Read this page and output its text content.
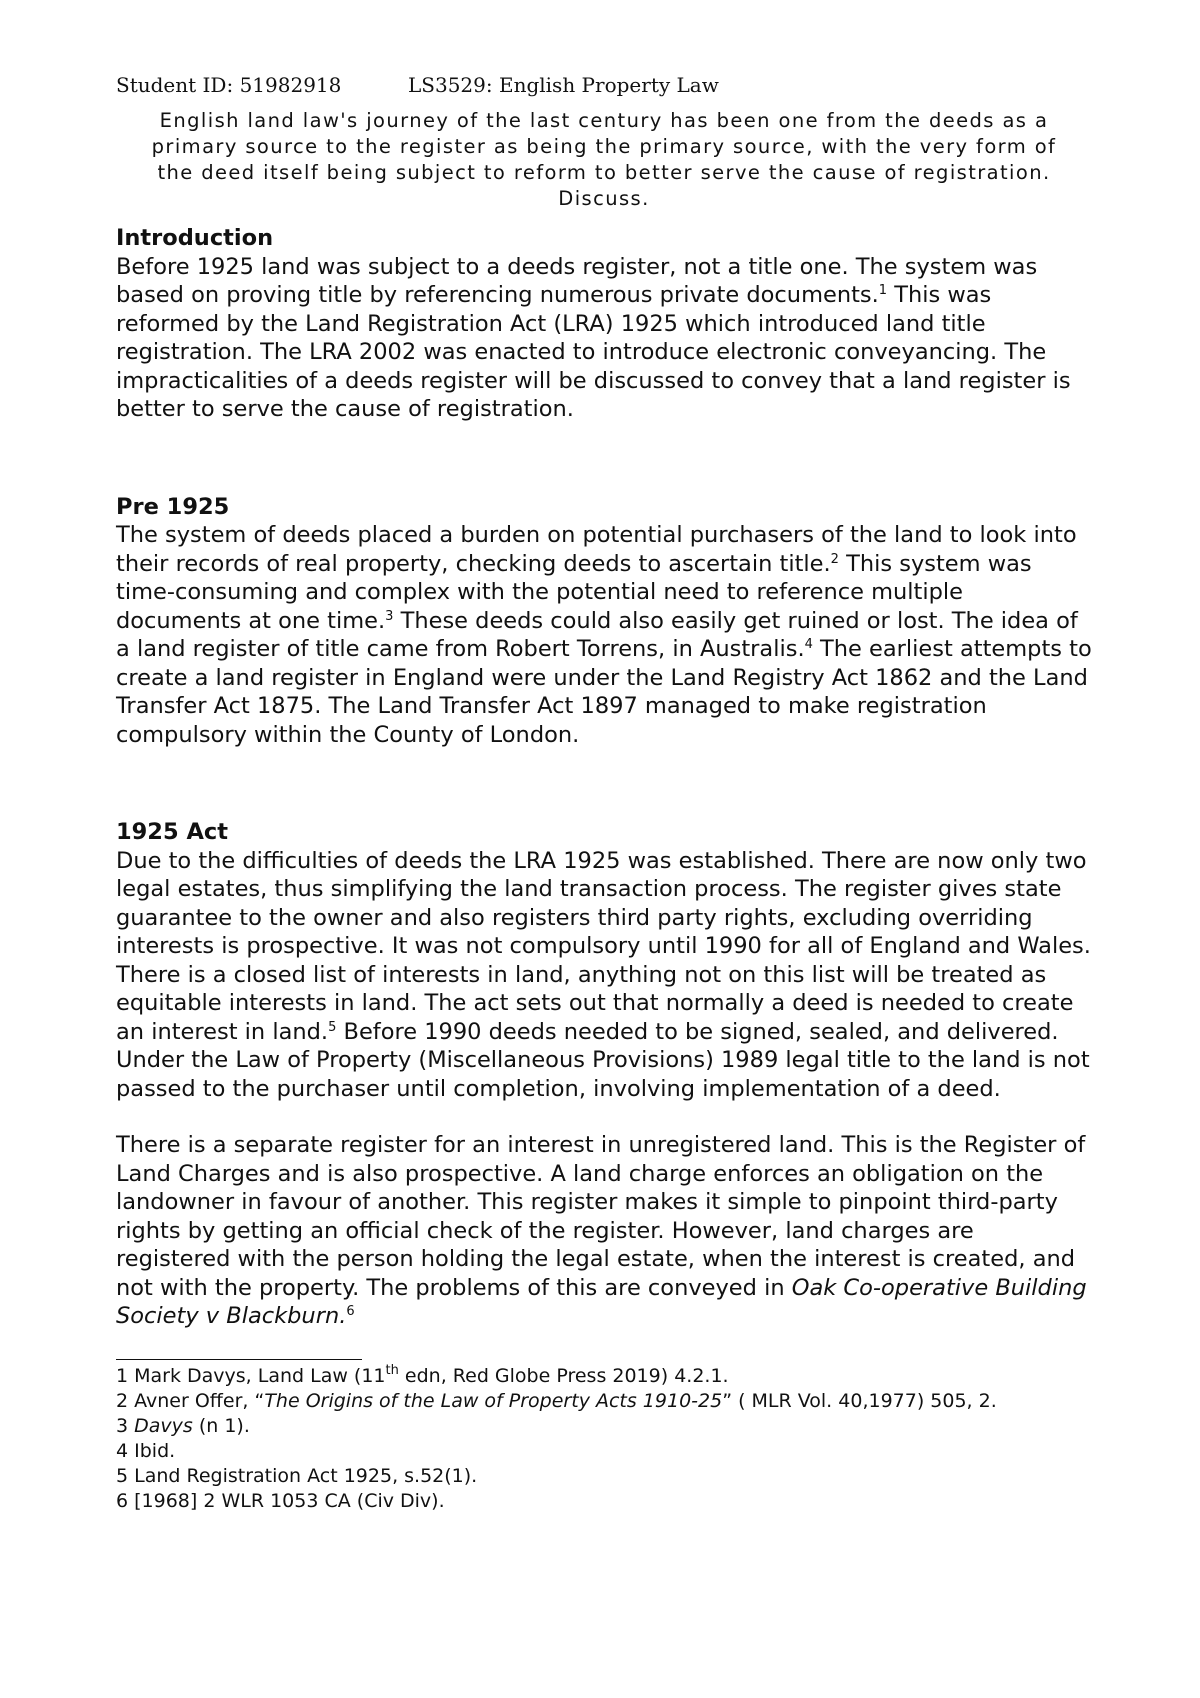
Student ID: 51982918	LS3529: English Property Law
English land law's journey of the last century has been one from the deeds as a primary source to the register as being the primary source, with the very form of the deed itself being subject to reform to better serve the cause of registration. Discuss.
Introduction

Before 1925 land was subject to a deeds register, not a title one. The system was based on proving title by referencing numerous private documents.$^1$ This was reformed by the Land Registration Act (LRA) 1925 which introduced land title registration. The LRA 2002 was enacted to introduce electronic conveyancing. The impracticalities of a deeds register will be discussed to convey that a land register is better to serve the cause of registration.

Pre 1925

The system of deeds placed a burden on potential purchasers of the land to look into their records of real property, checking deeds to ascertain title.$^2$ This system was time-consuming and complex with the potential need to reference multiple documents at one time.$^3$ These deeds could also easily get ruined or lost. The idea of a land register of title came from Robert Torrens, in Australis.$^4$ The earliest attempts to create a land register in England were under the Land Registry Act 1862 and the Land Transfer Act 1875. The Land Transfer Act 1897 managed to make registration compulsory within the County of London.

1925 Act

Due to the difficulties of deeds the LRA 1925 was established. There are now only two legal estates, thus simplifying the land transaction process. The register gives state guarantee to the owner and also registers third party rights, excluding overriding interests is prospective. It was not compulsory until 1990 for all of England and Wales. There is a closed list of interests in land, anything not on this list will be treated as equitable interests in land. The act sets out that normally a deed is needed to create an interest in land.$^5$ Before 1990 deeds needed to be signed, sealed, and delivered. Under the Law of Property (Miscellaneous Provisions) 1989 legal title to the land is not passed to the purchaser until completion, involving implementation of a deed.

There is a separate register for an interest in unregistered land. This is the Register of Land Charges and is also prospective. A land charge enforces an obligation on the landowner in favour of another. This register makes it simple to pinpoint third-party rights by getting an official check of the register. However, land charges are registered with the person holding the legal estate, when the interest is created, and not with the property. The problems of this are conveyed in Oak Co-operative Building Society v Blackburn.$^6$

1 Mark Davys, Land Law (11th edn, Red Globe Press 2019) 4.2.1.

2 Avner Offer, “The Origins of the Law of Property Acts 1910-25” ( MLR Vol. 40,1977) 505, 2.

3 Davys (n 1).

4 Ibid.

5 Land Registration Act 1925, s.52(1).

6 [1968] 2 WLR 1053 CA (Civ Div).
